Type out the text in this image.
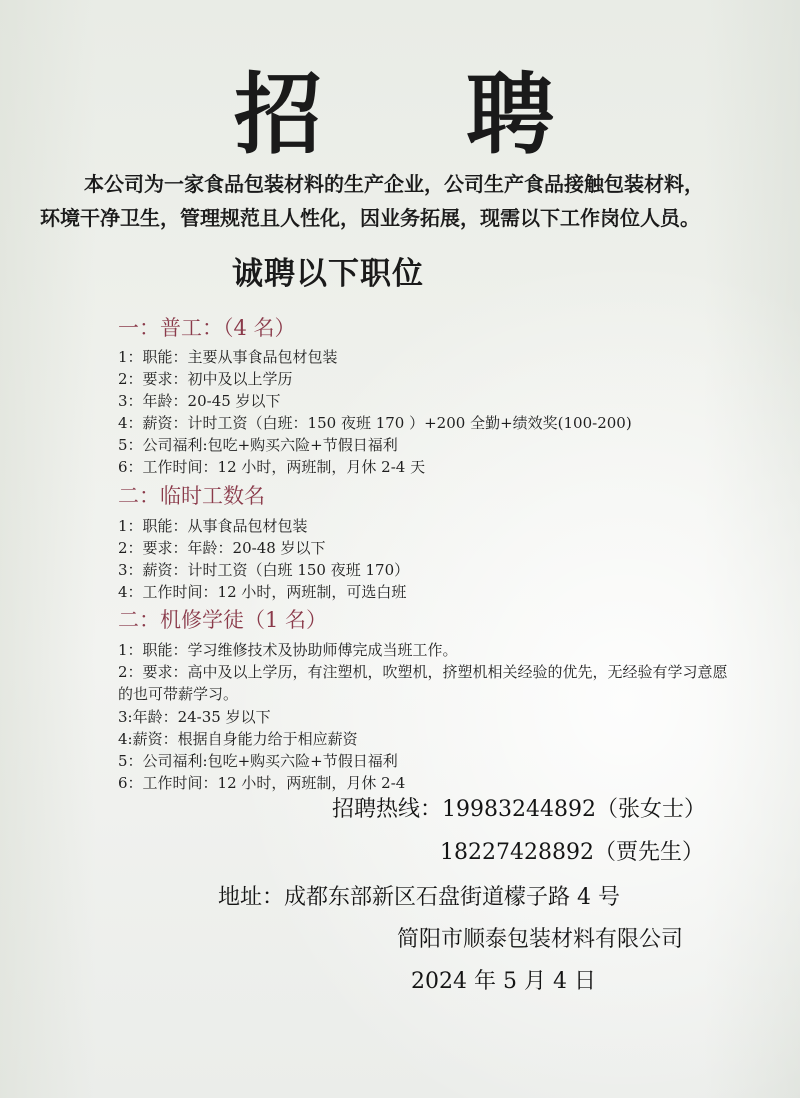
招 聘
本公司为一家食品包装材料的生产企业，公司生产食品接触包装材料，
环境干净卫生，管理规范且人性化，因业务拓展，现需以下工作岗位人员。
诚聘以下职位
一：普工：（4 名）
1：职能：主要从事食品包材包装
2：要求：初中及以上学历
3：年龄：20-45 岁以下
4：薪资：计时工资（白班：150 夜班 170 ）+200 全勤+绩效奖(100-200)
5：公司福利:包吃+购买六险+节假日福利
6：工作时间：12 小时，两班制，月休 2-4 天
二：临时工数名
1：职能：从事食品包材包装
2：要求：年龄：20-48 岁以下
3：薪资：计时工资（白班 150 夜班 170）
4：工作时间：12 小时，两班制，可选白班
二：机修学徒（1 名）
1：职能：学习维修技术及协助师傅完成当班工作。
2：要求：高中及以上学历，有注塑机，吹塑机，挤塑机相关经验的优先，无经验有学习意愿
的也可带薪学习。
3:年龄：24-35 岁以下
4:薪资：根据自身能力给于相应薪资
5：公司福利:包吃+购买六险+节假日福利
6：工作时间：12 小时，两班制，月休 2-4
招聘热线：19983244892（张女士）
18227428892（贾先生）
地址：成都东部新区石盘街道檬子路 4 号
简阳市顺泰包装材料有限公司
2024 年 5 月 4 日
